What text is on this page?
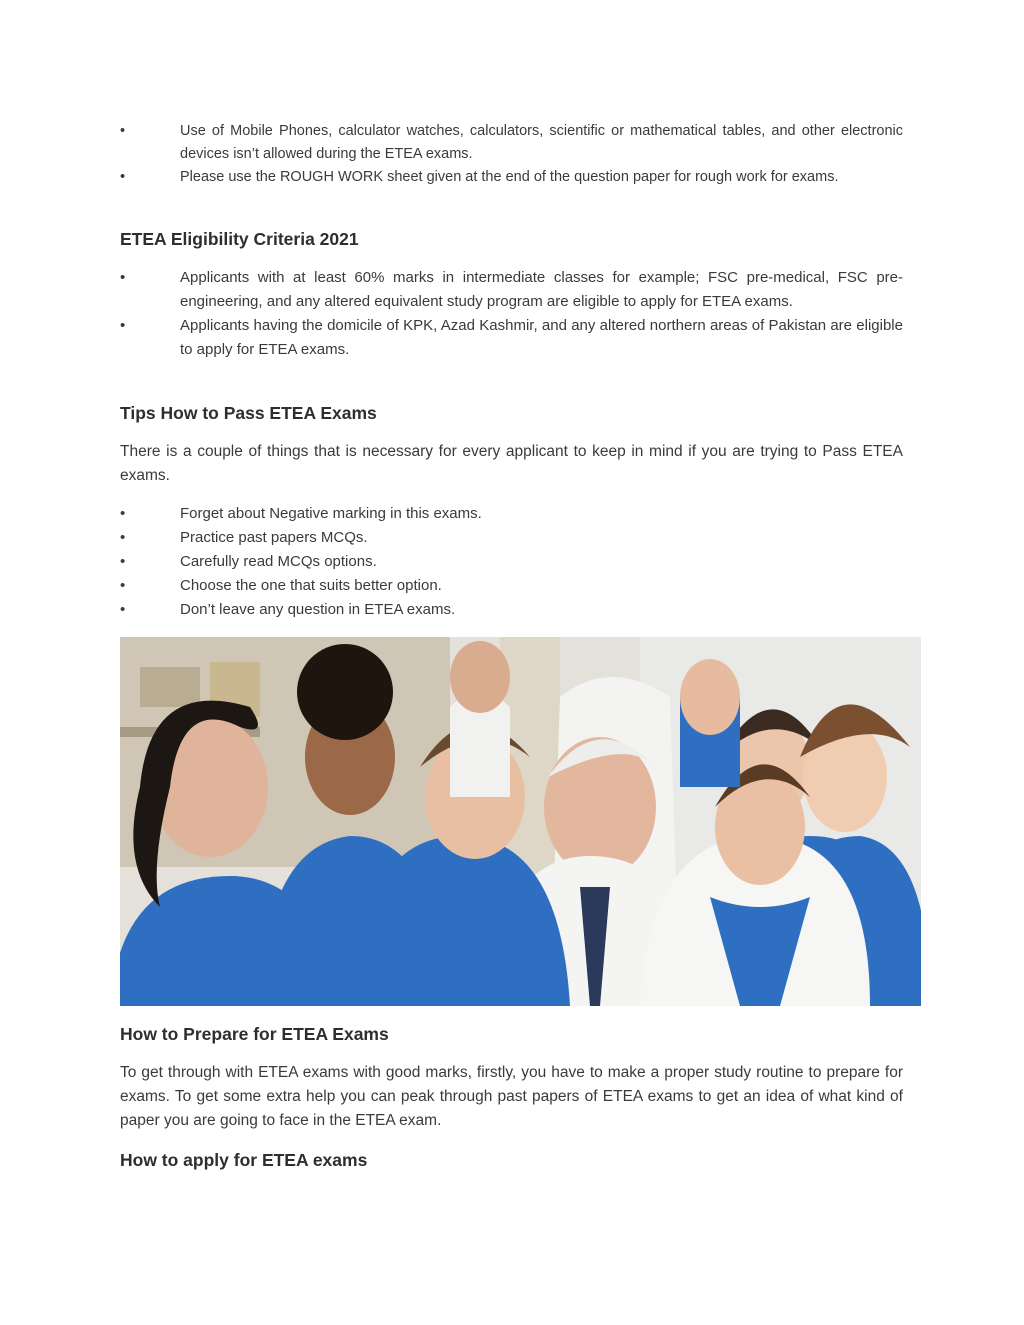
•	Use of Mobile Phones, calculator watches, calculators, scientific or mathematical tables, and other electronic devices isn’t allowed during the ETEA exams.
•	Please use the ROUGH WORK sheet given at the end of the question paper for rough work for exams.
ETEA Eligibility Criteria 2021
•	Applicants with at least 60% marks in intermediate classes for example; FSC pre-medical, FSC pre-engineering, and any altered equivalent study program are eligible to apply for ETEA exams.
•	Applicants having the domicile of KPK, Azad Kashmir, and any altered northern areas of Pakistan are eligible to apply for ETEA exams.
Tips How to Pass ETEA Exams

There is a couple of things that is necessary for every applicant to keep in mind if you are trying to Pass ETEA exams.

•	Forget about Negative marking in this exams.
•	Practice past papers MCQs.
•	Carefully read MCQs options.
•	Choose the one that suits better option.
•	Don’t leave any question in ETEA exams.
How to Prepare for ETEA Exams

To get through with ETEA exams with good marks, firstly, you have to make a proper study routine to prepare for exams. To get some extra help you can peak through past papers of ETEA exams to get an idea of what kind of paper you are going to face in the ETEA exam.

How to apply for ETEA exams
